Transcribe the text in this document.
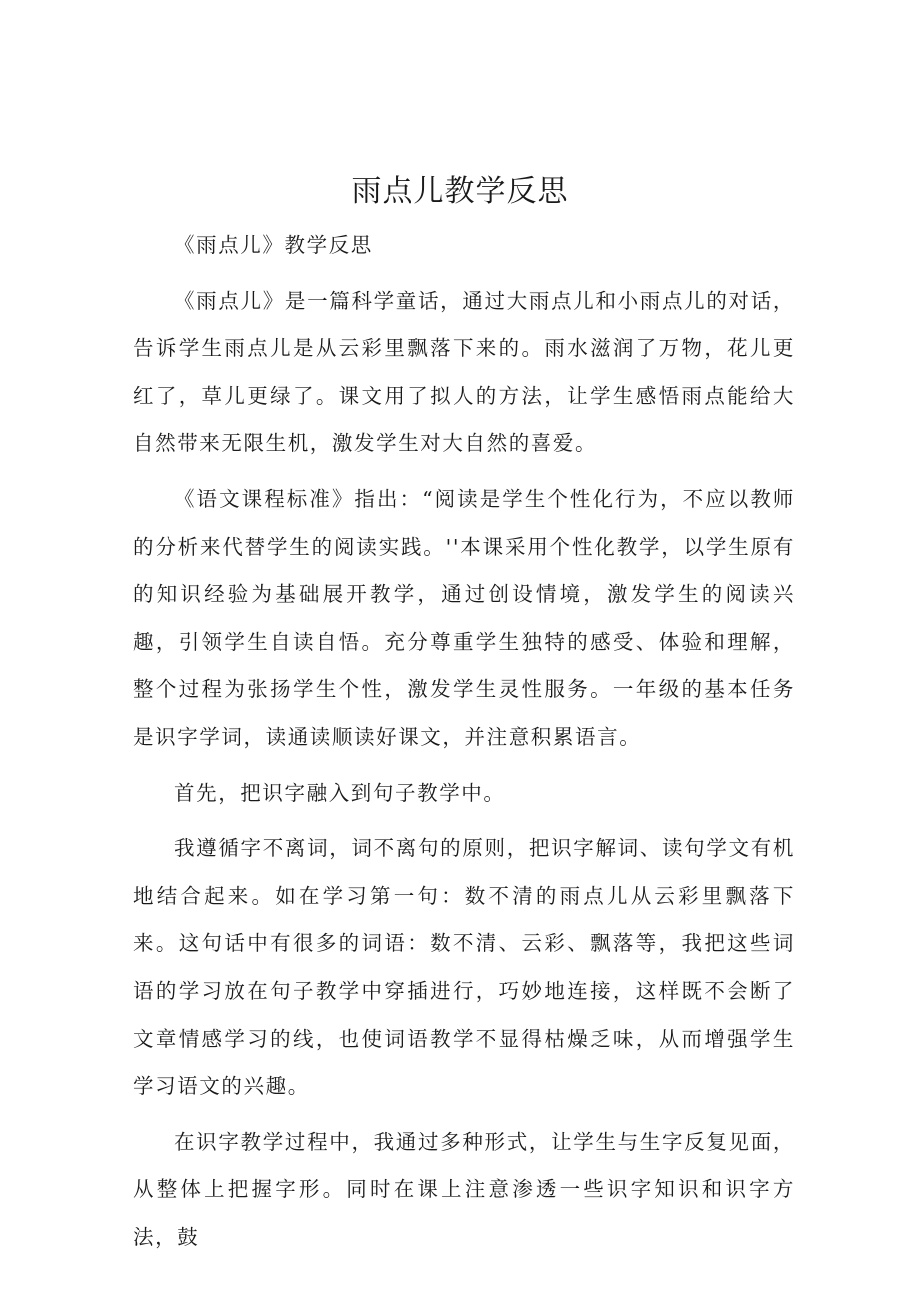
雨点儿教学反思

《雨点儿》教学反思

《雨点儿》是一篇科学童话，通过大雨点儿和小雨点儿的对话，告诉学生雨点儿是从云彩里飘落下来的。雨水滋润了万物，花儿更红了，草儿更绿了。课文用了拟人的方法，让学生感悟雨点能给大自然带来无限生机，激发学生对大自然的喜爱。

《语文课程标准》指出：“阅读是学生个性化行为，不应以教师的分析来代替学生的阅读实践。''本课采用个性化教学，以学生原有的知识经验为基础展开教学，通过创设情境，激发学生的阅读兴趣，引领学生自读自悟。充分尊重学生独特的感受、体验和理解，整个过程为张扬学生个性，激发学生灵性服务。一年级的基本任务是识字学词，读通读顺读好课文，并注意积累语言。

首先，把识字融入到句子教学中。

我遵循字不离词，词不离句的原则，把识字解词、读句学文有机地结合起来。如在学习第一句：数不清的雨点儿从云彩里飘落下来。这句话中有很多的词语：数不清、云彩、飘落等，我把这些词语的学习放在句子教学中穿插进行，巧妙地连接，这样既不会断了文章情感学习的线，也使词语教学不显得枯燥乏味，从而增强学生学习语文的兴趣。

在识字教学过程中，我通过多种形式，让学生与生字反复见面，从整体上把握字形。同时在课上注意渗透一些识字知识和识字方法，鼓
